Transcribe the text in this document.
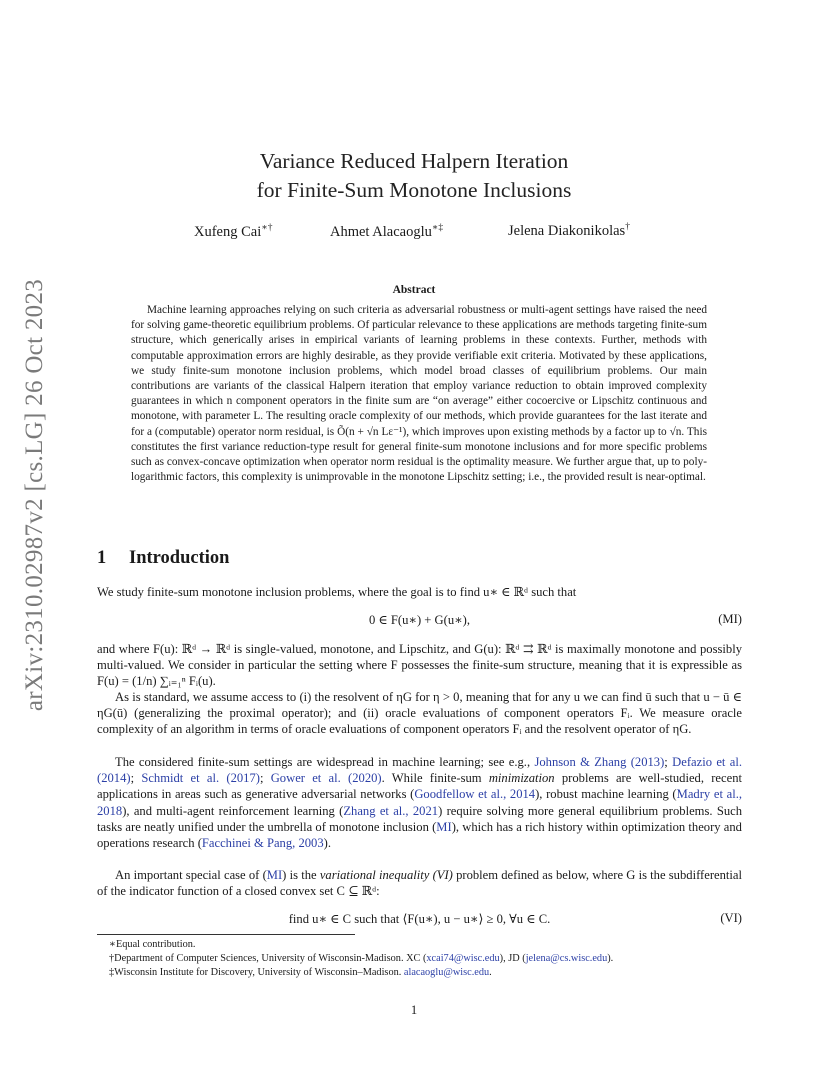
arXiv:2310.02987v2 [cs.LG] 26 Oct 2023
Variance Reduced Halpern Iteration
for Finite-Sum Monotone Inclusions
Xufeng Cai∗†	Ahmet Alacaoglu∗‡	Jelena Diakonikolas†
Abstract
Machine learning approaches relying on such criteria as adversarial robustness or multi-agent settings have raised the need for solving game-theoretic equilibrium problems. Of particular relevance to these applications are methods targeting finite-sum structure, which generically arises in empirical variants of learning problems in these contexts. Further, methods with computable approximation errors are highly desirable, as they provide verifiable exit criteria. Motivated by these applications, we study finite-sum monotone inclusion problems, which model broad classes of equilibrium problems. Our main contributions are variants of the classical Halpern iteration that employ variance reduction to obtain improved complexity guarantees in which n component operators in the finite sum are “on average” either cocoercive or Lipschitz continuous and monotone, with parameter L. The resulting oracle complexity of our methods, which provide guarantees for the last iterate and for a (computable) operator norm residual, is Õ(n + √n Lε⁻¹), which improves upon existing methods by a factor up to √n. This constitutes the first variance reduction-type result for general finite-sum monotone inclusions and for more specific problems such as convex-concave optimization when operator norm residual is the optimality measure. We further argue that, up to poly-logarithmic factors, this complexity is unimprovable in the monotone Lipschitz setting; i.e., the provided result is near-optimal.
1 Introduction
We study finite-sum monotone inclusion problems, where the goal is to find u∗ ∈ ℝᵈ such that
0 ∈ F(u∗) + G(u∗),	(MI)
and where F(u): ℝᵈ → ℝᵈ is single-valued, monotone, and Lipschitz, and G(u): ℝᵈ ⇉ ℝᵈ is maximally monotone and possibly multi-valued. We consider in particular the setting where F possesses the finite-sum structure, meaning that it is expressible as F(u) = (1/n) ∑ᵢ₌₁ⁿ Fᵢ(u).
As is standard, we assume access to (i) the resolvent of ηG for η > 0, meaning that for any u we can find ū such that u − ū ∈ ηG(ū) (generalizing the proximal operator); and (ii) oracle evaluations of component operators Fᵢ. We measure oracle complexity of an algorithm in terms of oracle evaluations of component operators Fᵢ and the resolvent operator of ηG.
The considered finite-sum settings are widespread in machine learning; see e.g., Johnson & Zhang (2013); Defazio et al. (2014); Schmidt et al. (2017); Gower et al. (2020). While finite-sum minimization problems are well-studied, recent applications in areas such as generative adversarial networks (Goodfellow et al., 2014), robust machine learning (Madry et al., 2018), and multi-agent reinforcement learning (Zhang et al., 2021) require solving more general equilibrium problems. Such tasks are neatly unified under the umbrella of monotone inclusion (MI), which has a rich history within optimization theory and operations research (Facchinei & Pang, 2003).
An important special case of (MI) is the variational inequality (VI) problem defined as below, where G is the subdifferential of the indicator function of a closed convex set C ⊆ ℝᵈ:
find u∗ ∈ C such that ⟨F(u∗), u − u∗⟩ ≥ 0, ∀u ∈ C.	(VI)
∗Equal contribution.
†Department of Computer Sciences, University of Wisconsin-Madison. XC (xcai74@wisc.edu), JD (jelena@cs.wisc.edu).
‡Wisconsin Institute for Discovery, University of Wisconsin–Madison. alacaoglu@wisc.edu.
1
